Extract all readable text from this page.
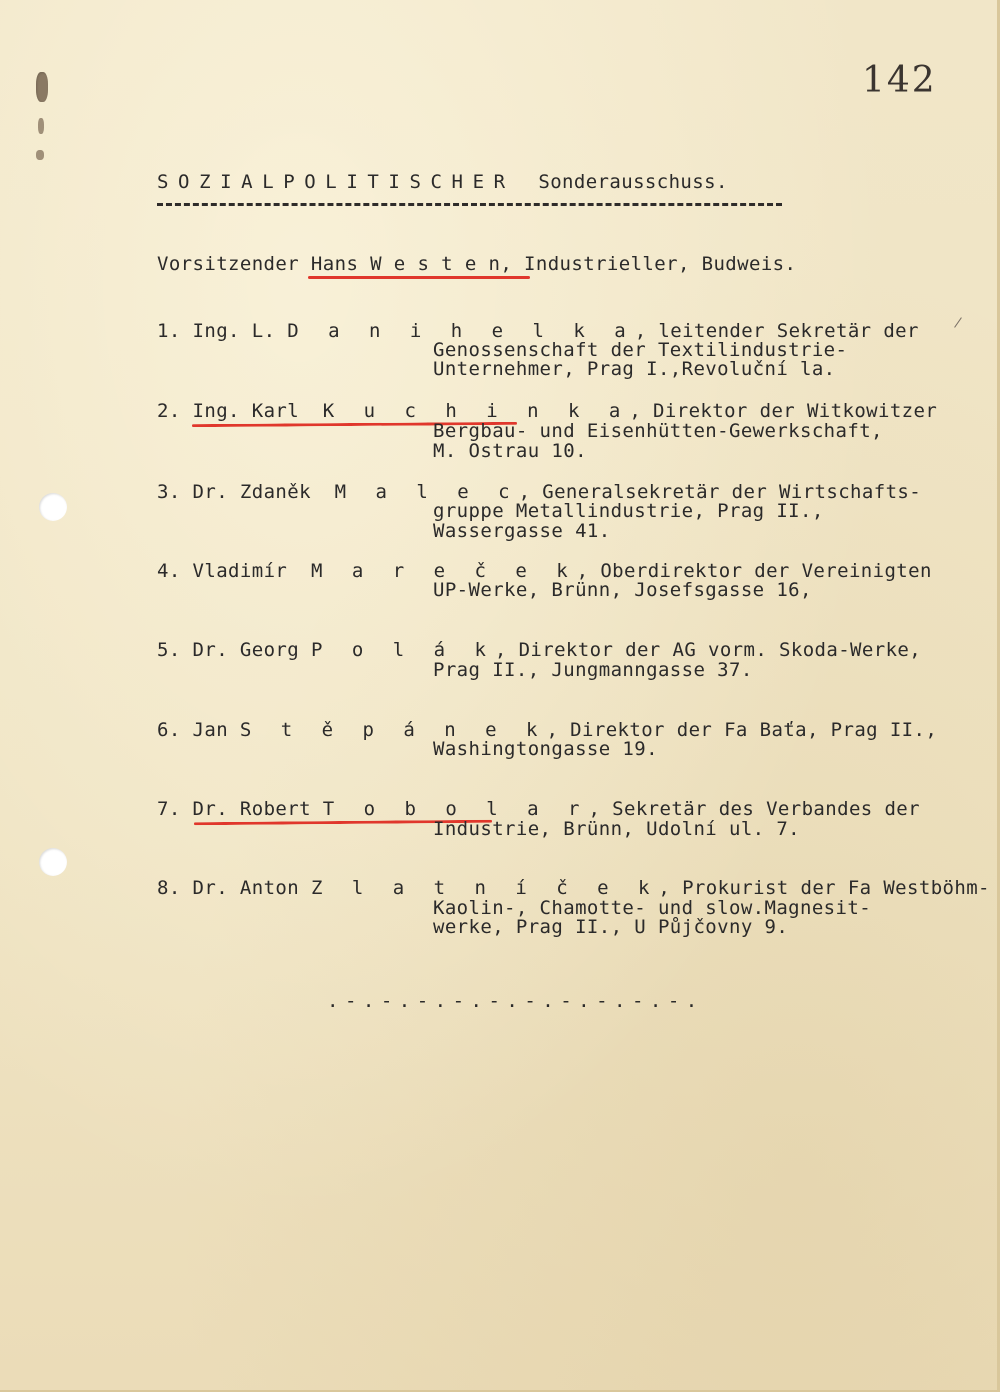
142
SOZIALPOLITISCHER Sonderausschuss.
Vorsitzender Hans W e s t e n, Industrieller, Budweis.
1. Ing. L. D a n i h e l k a, leitender Sekretär der
Genossenschaft der Textilindustrie-
Unternehmer, Prag I.,Revoluční la.
2. Ing. Karl K u c h i n k a, Direktor der Witkowitzer
Bergbau- und Eisenhütten-Gewerkschaft,
M. Ostrau 10.
3. Dr. Zdaněk M a l e c, Generalsekretär der Wirtschafts-
gruppe Metallindustrie, Prag II.,
Wassergasse 41.
4. Vladimír M a r e č e k, Oberdirektor der Vereinigten
UP-Werke, Brünn, Josefsgasse 16,
5. Dr. Georg P o l á k, Direktor der AG vorm. Skoda-Werke,
Prag II., Jungmanngasse 37.
6. Jan S t ě p á n e k, Direktor der Fa Baťa, Prag II.,
Washingtongasse 19.
7. Dr. Robert T o b o l a r, Sekretär des Verbandes der
Industrie, Brünn, Udolní ul. 7.
8. Dr. Anton Z l a t n í č e k, Prokurist der Fa Westböhm-
Kaolin-, Chamotte- und slow.Magnesit-
werke, Prag II., U Půjčovny 9.
.-.-.-.-.-.-.-.-.-.-.
